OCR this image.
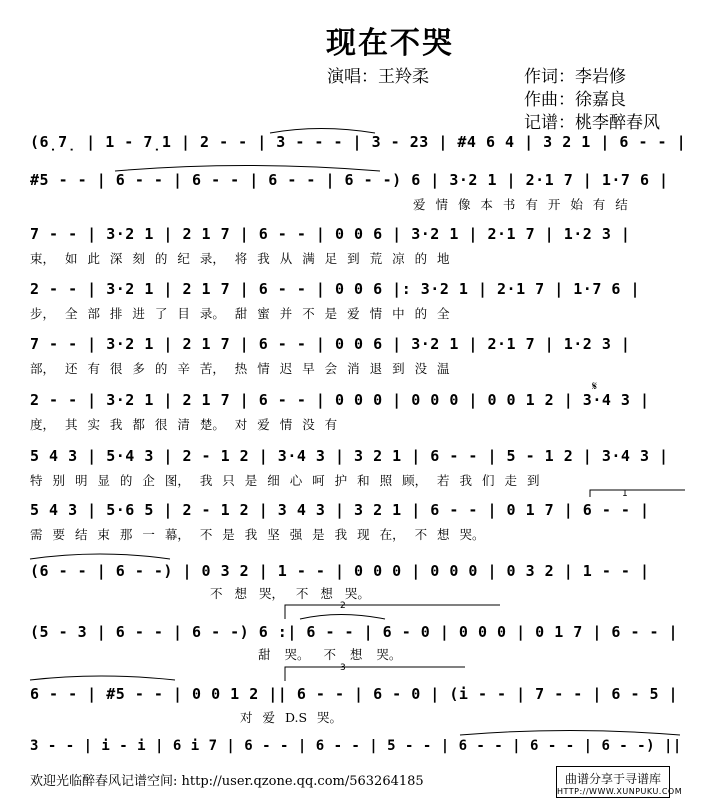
现在不哭
演唱：王羚柔	作词：李岩修
作曲：徐嘉良
记谱：桃李醉春风
(6̣7̣ | 1 - 7̣1 | 2 - - | 3 - - - | 3 - 23 | #4 6 4 | 3 2 1 | 6 - - |
#5 - - | 6 - - | 6 - - | 6 - - | 6 - -) 6 | 3·2 1 | 2·1 7 | 1·7 6 |
爱 情 像 本 书 有 开 始 有 结
7 - - | 3·2 1 | 2 1 7 | 6 - - | 0 0 6 | 3·2 1 | 2·1 7 | 1·2 3 |
束， 如 此 深 刻 的 纪 录， 将 我 从 满 足 到 荒 凉 的 地
2 - - | 3·2 1 | 2 1 7 | 6 - - | 0 0 6 |: 3·2 1 | 2·1 7 | 1·7 6 |
步， 全 部 排 进 了 目 录。 甜 蜜 并 不 是 爱 情 中 的 全
7 - - | 3·2 1 | 2 1 7 | 6 - - | 0 0 6 | 3·2 1 | 2·1 7 | 1·2 3 |
部， 还 有 很 多 的 辛 苦， 热 情 迟 早 会 消 退 到 没 温
2 - - | 3·2 1 | 2 1 7 | 6 - - | 0 0 0 | 0 0 0 | 0 0 1 2 | 3·4 3 |
度， 其 实 我 都 很 清 楚。 对 爱 情 没 有
𝄋
5 4 3 | 5·4 3 | 2 - 1 2 | 3·4 3 | 3 2 1 | 6 - - | 5 - 1 2 | 3·4 3 |
特 别 明 显 的 企 图， 我 只 是 细 心 呵 护 和 照 顾， 若 我 们 走 到
5 4 3 | 5·6 5 | 2 - 1 2 | 3 4 3 | 3 2 1 | 6 - - | 0 1 7 | 6 - - |
需 要 结 束 那 一 幕， 不 是 我 坚 强 是 我 现 在， 不 想 哭。
1
(6 - - | 6 - -) | 0 3 2 | 1 - - | 0 0 0 | 0 0 0 | 0 3 2 | 1 - - |
不 想 哭， 不 想 哭。
(5 - 3 | 6 - - | 6 - -) 6 :| 6 - - | 6 - 0 | 0 0 0 | 0 1 7 | 6 - - |
甜 哭。 不 想 哭。
2
6 - - | #5 - - | 0 0 1 2 || 6 - - | 6 - 0 | (i - - | 7 - - | 6 - 5 |
对 爱 D.S 哭。
3
3 - - | i - i | 6 i 7 | 6 - - | 6 - - | 5 - - | 6 - - | 6 - - | 6 - -) ||
欢迎光临醉春风记谱空间: http://user.qzone.qq.com/563264185	曲谱分享于寻谱库
HTTP://WWW.XUNPUKU.COM
